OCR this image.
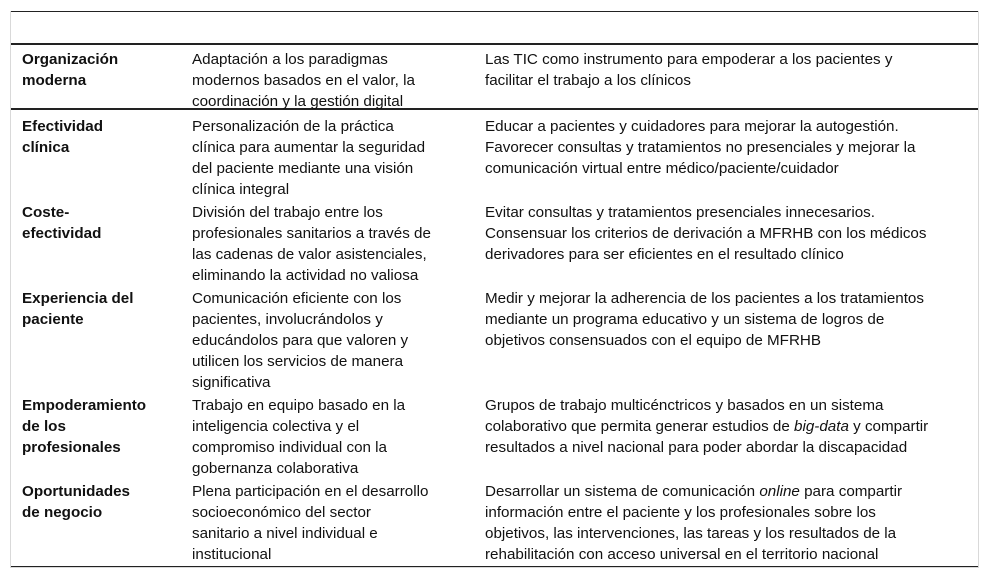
Organización
moderna
Adaptación a los paradigmas
modernos basados en el valor, la
coordinación y la gestión digital
Las TIC como instrumento para empoderar a los pacientes y
facilitar el trabajo a los clínicos
Efectividad
clínica
Personalización de la práctica
clínica para aumentar la seguridad
del paciente mediante una visión
clínica integral
Educar a pacientes y cuidadores para mejorar la autogestión.
Favorecer consultas y tratamientos no presenciales y mejorar la
comunicación virtual entre médico/paciente/cuidador
Coste-
efectividad
División del trabajo entre los
profesionales sanitarios a través de
las cadenas de valor asistenciales,
eliminando la actividad no valiosa
Evitar consultas y tratamientos presenciales innecesarios.
Consensuar los criterios de derivación a MFRHB con los médicos
derivadores para ser eficientes en el resultado clínico
Experiencia del
paciente
Comunicación eficiente con los
pacientes, involucrándolos y
educándolos para que valoren y
utilicen los servicios de manera
significativa
Medir y mejorar la adherencia de los pacientes a los tratamientos
mediante un programa educativo y un sistema de logros de
objetivos consensuados con el equipo de MFRHB
Empoderamiento
de los
profesionales
Trabajo en equipo basado en la
inteligencia colectiva y el
compromiso individual con la
gobernanza colaborativa
Grupos de trabajo multicénctricos y basados en un sistema
colaborativo que permita generar estudios de big-data y compartir
resultados a nivel nacional para poder abordar la discapacidad
Oportunidades
de negocio
Plena participación en el desarrollo
socioeconómico del sector
sanitario a nivel individual e
institucional
Desarrollar un sistema de comunicación online para compartir
información entre el paciente y los profesionales sobre los
objetivos, las intervenciones, las tareas y los resultados de la
rehabilitación con acceso universal en el territorio nacional
